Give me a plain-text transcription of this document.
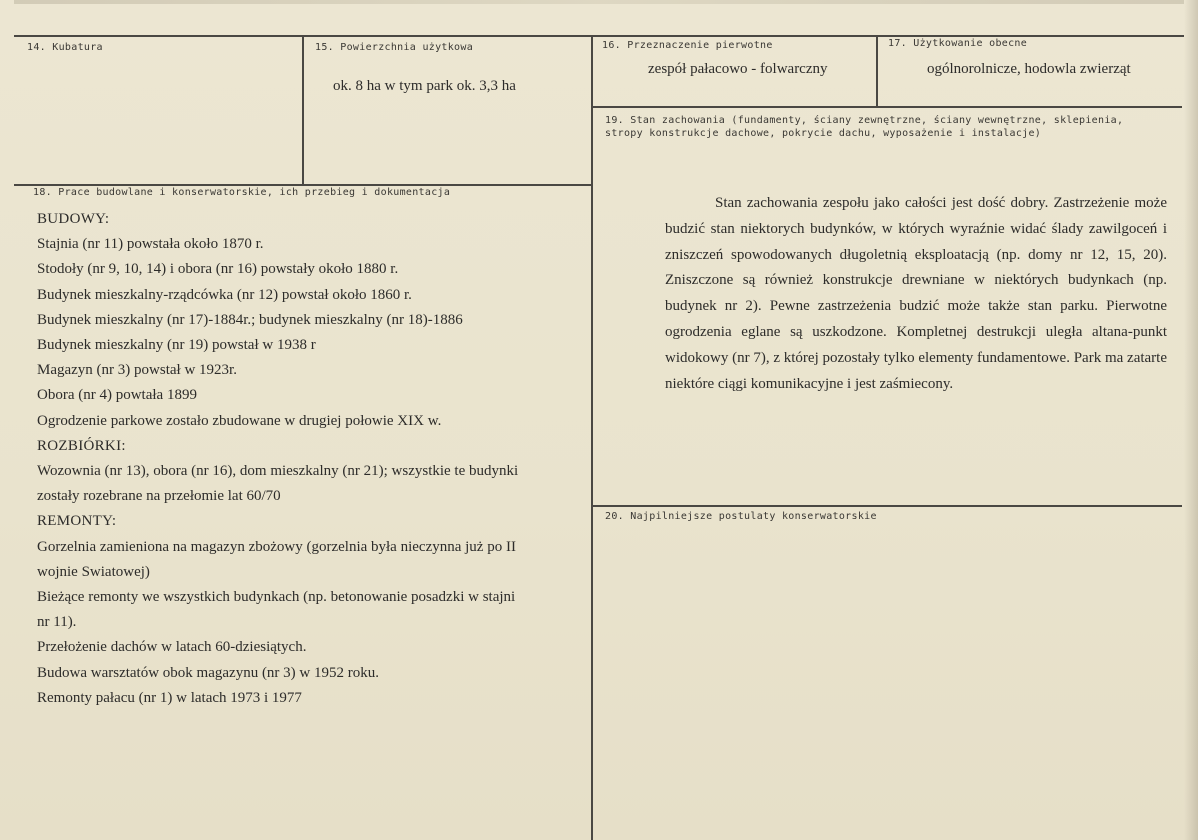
14. Kubatura	15. Powierzchnia użytkowa
ok. 8 ha w tym park ok. 3,3 ha
16. Przeznaczenie pierwotne
zespół pałacowo - folwarczny
17. Użytkowanie obecne
ogólnorolnicze, hodowla zwierząt
18. Prace budowlane i konserwatorskie, ich przebieg i dokumentacja
BUDOWY:
Stajnia (nr 11) powstała około 1870 r.
Stodoły (nr 9, 10, 14) i obora (nr 16) powstały około 1880 r.
Budynek mieszkalny-rządcówka (nr 12) powstał około 1860 r.
Budynek mieszkalny (nr 17)-1884r.; budynek mieszkalny (nr 18)-1886
Budynek mieszkalny (nr 19) powstał w 1938 r
Magazyn (nr 3) powstał w 1923r.
Obora (nr 4) powtała 1899
Ogrodzenie parkowe zostało zbudowane w drugiej połowie XIX w.
ROZBIÓRKI:
Wozownia (nr 13), obora (nr 16), dom mieszkalny (nr 21); wszystkie te budynki
zostały rozebrane na przełomie lat 60/70
REMONTY:
Gorzelnia zamieniona na magazyn zbożowy (gorzelnia była nieczynna już po II
wojnie Swiatowej)
Bieżące remonty we wszystkich budynkach (np. betonowanie posadzki w stajni
nr 11).
Przełożenie dachów w latach 60-dziesiątych.
Budowa warsztatów obok magazynu (nr 3) w 1952 roku.
Remonty pałacu (nr 1) w latach 1973 i 1977
19. Stan zachowania (fundamenty, ściany zewnętrzne, ściany wewnętrzne, sklepienia, stropy konstrukcje dachowe, pokrycie dachu, wyposażenie i instalacje)
Stan zachowania zespołu jako całości jest dość dobry. Zastrzeżenie może budzić stan niektorych budynków, w których wyraźnie widać ślady zawilgoceń i zniszczeń spowodowanych długoletnią eksploatacją (np. domy nr 12, 15, 20). Zniszczone są również konstrukcje drewniane w niektórych budynkach (np. budynek nr 2). Pewne zastrzeżenia budzić może także stan parku. Pierwotne ogrodzenia eglane są uszkodzone. Kompletnej destrukcji uległa altana-punkt widokowy (nr 7), z której pozostały tylko elementy fundamentowe. Park ma zatarte niektóre ciągi komunikacyjne i jest zaśmiecony.
20. Najpilniejsze postulaty konserwatorskie
